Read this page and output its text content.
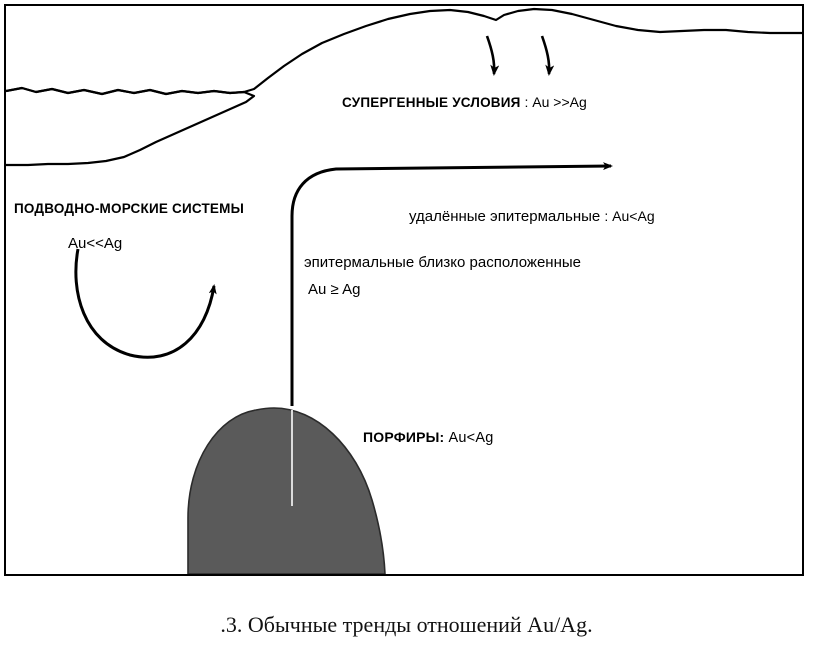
СУПЕРГЕННЫЕ УСЛОВИЯ : Au >>Ag
ПОДВОДНО-МОРСКИЕ СИСТЕМЫ
Au<<Ag
удалённые эпитермальные : Au<Ag
эпитермальные близко расположенные
Au ≥ Ag
ПОРФИРЫ: Au<Ag
.3. Обычные тренды отношений Au/Ag.
